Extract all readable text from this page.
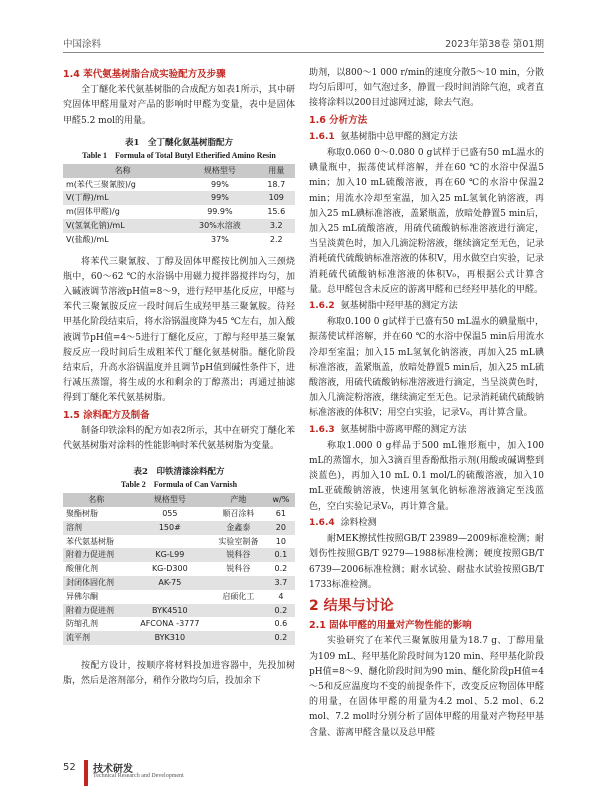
中国涂料	2023年第38卷 第01期
1.4 苯代氨基树脂合成实验配方及步骤

全丁醚化苯代氨基树脂的合成配方如表1所示，其中研究固体甲醛用量对产品的影响时甲醛为变量，表中是固体甲醛5.2 mol的用量。

表1　全丁醚化氨基树脂配方
Table 1　Formula of Total Butyl Etherified Amino Resin
名称	规格型号	用量
m(苯代三聚氰胺)/g	99%	18.7
V(丁醇)/mL	99%	109
m(固体甲醛)/g	99.9%	15.6
V(氢氧化钠)/mL	30%水溶液	3.2
V(盐酸)/mL	37%	2.2

将苯代三聚氰胺、丁醇及固体甲醛按比例加入三颈烧瓶中，60～62 ℃的水浴锅中用磁力搅拌器搅拌均匀，加入碱液调节溶液pH值=8～9，进行羟甲基化反应，甲醛与苯代三聚氰胺反应一段时间后生成羟甲基三聚氰胺。待羟甲基化阶段结束后，将水浴锅温度降为45 ℃左右，加入酸液调节pH值=4～5进行丁醚化反应，丁醇与羟甲基三聚氰胺反应一段时间后生成粗苯代丁醚化氨基树脂。醚化阶段结束后，升高水浴锅温度并且调节pH值到碱性条件下，进行减压蒸馏，将生成的水和剩余的丁醇蒸出；再通过抽滤得到丁醚化苯代氨基树脂。

1.5 涂料配方及制备

制备印铁涂料的配方如表2所示，其中在研究丁醚化苯代氨基树脂对涂料的性能影响时苯代氨基树脂为变量。

表2　印铁清漆涂料配方
Table 2　Formula of Can Varnish
名称	规格型号	产地	w/%
聚酯树脂	055	顺召涂料	61
溶剂	150#	金鑫泰	20
苯代氨基树脂		实验室制备	10
附着力促进剂	KG-L99	锐科谷	0.1
酸催化剂	KG-D300	锐科谷	0.2
封闭体固化剂	AK-75		3.7
异佛尔酮		启硕化工	4
附着力促进剂	BYK4510		0.2
防缩孔剂	AFCONA -3777		0.6
流平剂	BYK310		0.2

按配方设计，按顺序将材料投加进容器中，先投加树脂，然后是溶剂部分，稍作分散均匀后，投加余下

助剂，以800～1 000 r/min的速度分散5～10 min，分散均匀后即可，如气泡过多，静置一段时间消除气泡，或者直接将涂料以200目过滤网过滤，除去气泡。

1.6 分析方法
1.6.1 氨基树脂中总甲醛的测定方法

称取0.060 0～0.080 0 g试样于已盛有50 mL温水的碘量瓶中，振荡使试样溶解，并在60 ℃的水浴中保温5 min；加入10 mL硫酸溶液，再在60 ℃的水浴中保温2 min；用流水冷却至室温，加入25 mL氢氧化钠溶液，再加入25 mL碘标准溶液，盖紧瓶盖，放暗处静置5 min后，加入25 mL硫酸溶液，用硫代硫酸钠标准溶液进行滴定，当呈淡黄色时，加入几滴淀粉溶液，继续滴定至无色，记录消耗硫代硫酸钠标准溶液的体积V，用水做空白实验，记录消耗硫代硫酸钠标准溶液的体积V₀，再根据公式计算含量。总甲醛包含未反应的游离甲醛和已经羟甲基化的甲醛。

1.6.2 氨基树脂中羟甲基的测定方法

称取0.100 0 g试样于已盛有50 mL温水的碘量瓶中，振荡使试样溶解，并在60 ℃的水浴中保温5 min后用流水冷却至室温；加入15 mL氢氧化钠溶液，再加入25 mL碘标准溶液，盖紧瓶盖，放暗处静置5 min后，加入25 mL硫酸溶液，用硫代硫酸钠标准溶液进行滴定，当呈淡黄色时，加入几滴淀粉溶液，继续滴定至无色。记录消耗硫代硫酸钠标准溶液的体积V；用空白实验，记录V₀，再计算含量。

1.6.3 氨基树脂中游离甲醛的测定方法

称取1.000 0 g样品于500 mL锥形瓶中，加入100 mL的蒸馏水，加入3滴百里香酚酞指示剂(用酸或碱调整到淡蓝色)，再加入10 mL 0.1 mol/L的硫酸溶液，加入10 mL亚硫酸钠溶液，快速用氢氧化钠标准溶液滴定至浅蓝色，空白实验记录V₀，再计算含量。

1.6.4 涂料检测

耐MEK擦拭性按照GB/T 23989—2009标准检测；耐划伤性按照GB/T 9279—1988标准检测；硬度按照GB/T 6739—2006标准检测；耐水试验、耐盐水试验按照GB/T 1733标准检测。

2 结果与讨论
2.1 固体甲醛的用量对产物性能的影响

实验研究了在苯代三聚氰胺用量为18.7 g、丁醇用量为109 mL、羟甲基化阶段时间为120 min、羟甲基化阶段pH值=8～9、醚化阶段时间为90 min、醚化阶段pH值=4～5和反应温度均不变的前提条件下，改变反应物固体甲醛的用量，在固体甲醛的用量为4.2 mol、5.2 mol、6.2 mol、7.2 mol时分别分析了固体甲醛的用量对产物羟甲基含量、游离甲醛含量以及总甲醛

52 技术研发
Technical Research and Development
